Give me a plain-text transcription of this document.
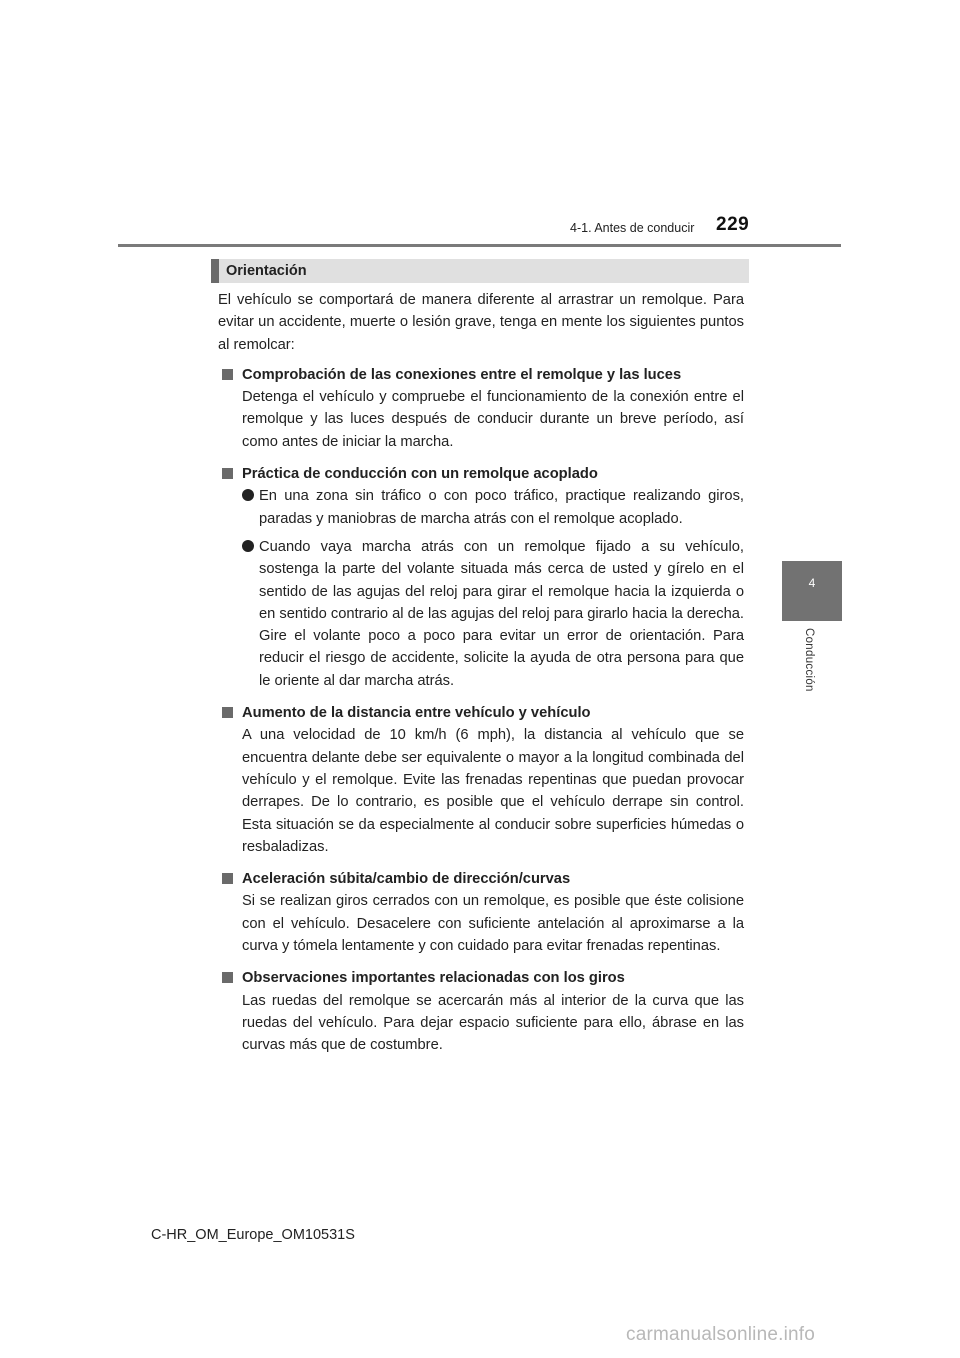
4-1. Antes de conducir 229
4
Conducción
Orientación

El vehículo se comportará de manera diferente al arrastrar un remolque. Para evitar un accidente, muerte o lesión grave, tenga en mente los siguientes puntos al remolcar:

Comprobación de las conexiones entre el remolque y las luces

Detenga el vehículo y compruebe el funcionamiento de la conexión entre el remolque y las luces después de conducir durante un breve período, así como antes de iniciar la marcha.

Práctica de conducción con un remolque acoplado

En una zona sin tráfico o con poco tráfico, practique realizando giros, paradas y maniobras de marcha atrás con el remolque acoplado.

Cuando vaya marcha atrás con un remolque fijado a su vehículo, sostenga la parte del volante situada más cerca de usted y gírelo en el sentido de las agujas del reloj para girar el remolque hacia la izquierda o en sentido contrario al de las agujas del reloj para girarlo hacia la derecha. Gire el volante poco a poco para evitar un error de orientación. Para reducir el riesgo de accidente, solicite la ayuda de otra persona para que le oriente al dar marcha atrás.

Aumento de la distancia entre vehículo y vehículo

A una velocidad de 10 km/h (6 mph), la distancia al vehículo que se encuentra delante debe ser equivalente o mayor a la longitud combinada del vehículo y el remolque. Evite las frenadas repentinas que puedan provocar derrapes. De lo contrario, es posible que el vehículo derrape sin control. Esta situación se da especialmente al conducir sobre superficies húmedas o resbaladizas.

Aceleración súbita/cambio de dirección/curvas

Si se realizan giros cerrados con un remolque, es posible que éste colisione con el vehículo. Desacelere con suficiente antelación al aproximarse a la curva y tómela lentamente y con cuidado para evitar frenadas repentinas.

Observaciones importantes relacionadas con los giros

Las ruedas del remolque se acercarán más al interior de la curva que las ruedas del vehículo. Para dejar espacio suficiente para ello, ábrase en las curvas más que de costumbre.

C-HR_OM_Europe_OM10531S
carmanualsonline.info
